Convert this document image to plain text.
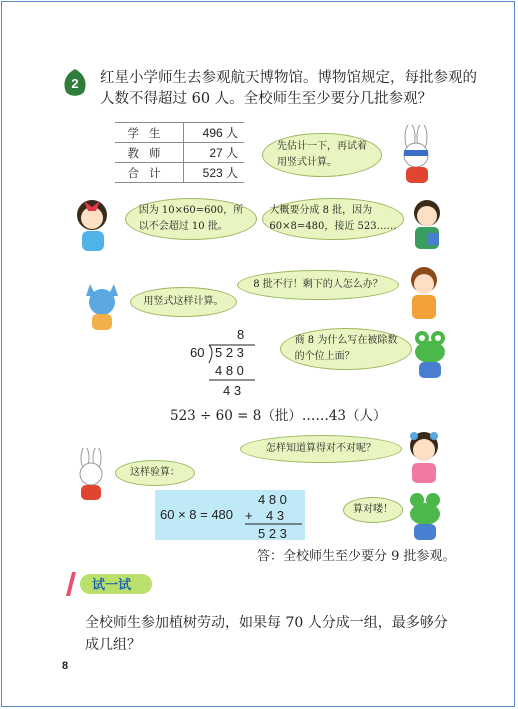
2 红星小学师生去参观航天博物馆。博物馆规定，每批参观的
人数不得超过 60 人。全校师生至少要分几批参观？
学生	496 人
教师	27 人
合计	523 人
先估计一下，再试着
用竖式计算。
因为 10×60=600，所
以不会超过 10 批。
大概要分成 8 批，因为
60×8=480，接近 523……
8 批不行！剩下的人怎么办？
用竖式这样计算。
8
60 5 2 3
4 8 0
4 3
商 8 为什么写在被除数
的个位上面？
523 ÷ 60 = 8（批）……43（人）
怎样知道算得对不对呢？
这样验算：
60 × 8 = 480
4 8 0
+ 4 3
5 2 3
算对喽！
答：全校师生至少要分 9 批参观。
试一试
全校师生参加植树劳动，如果每 70 人分成一组，最多够分
成几组？
8
